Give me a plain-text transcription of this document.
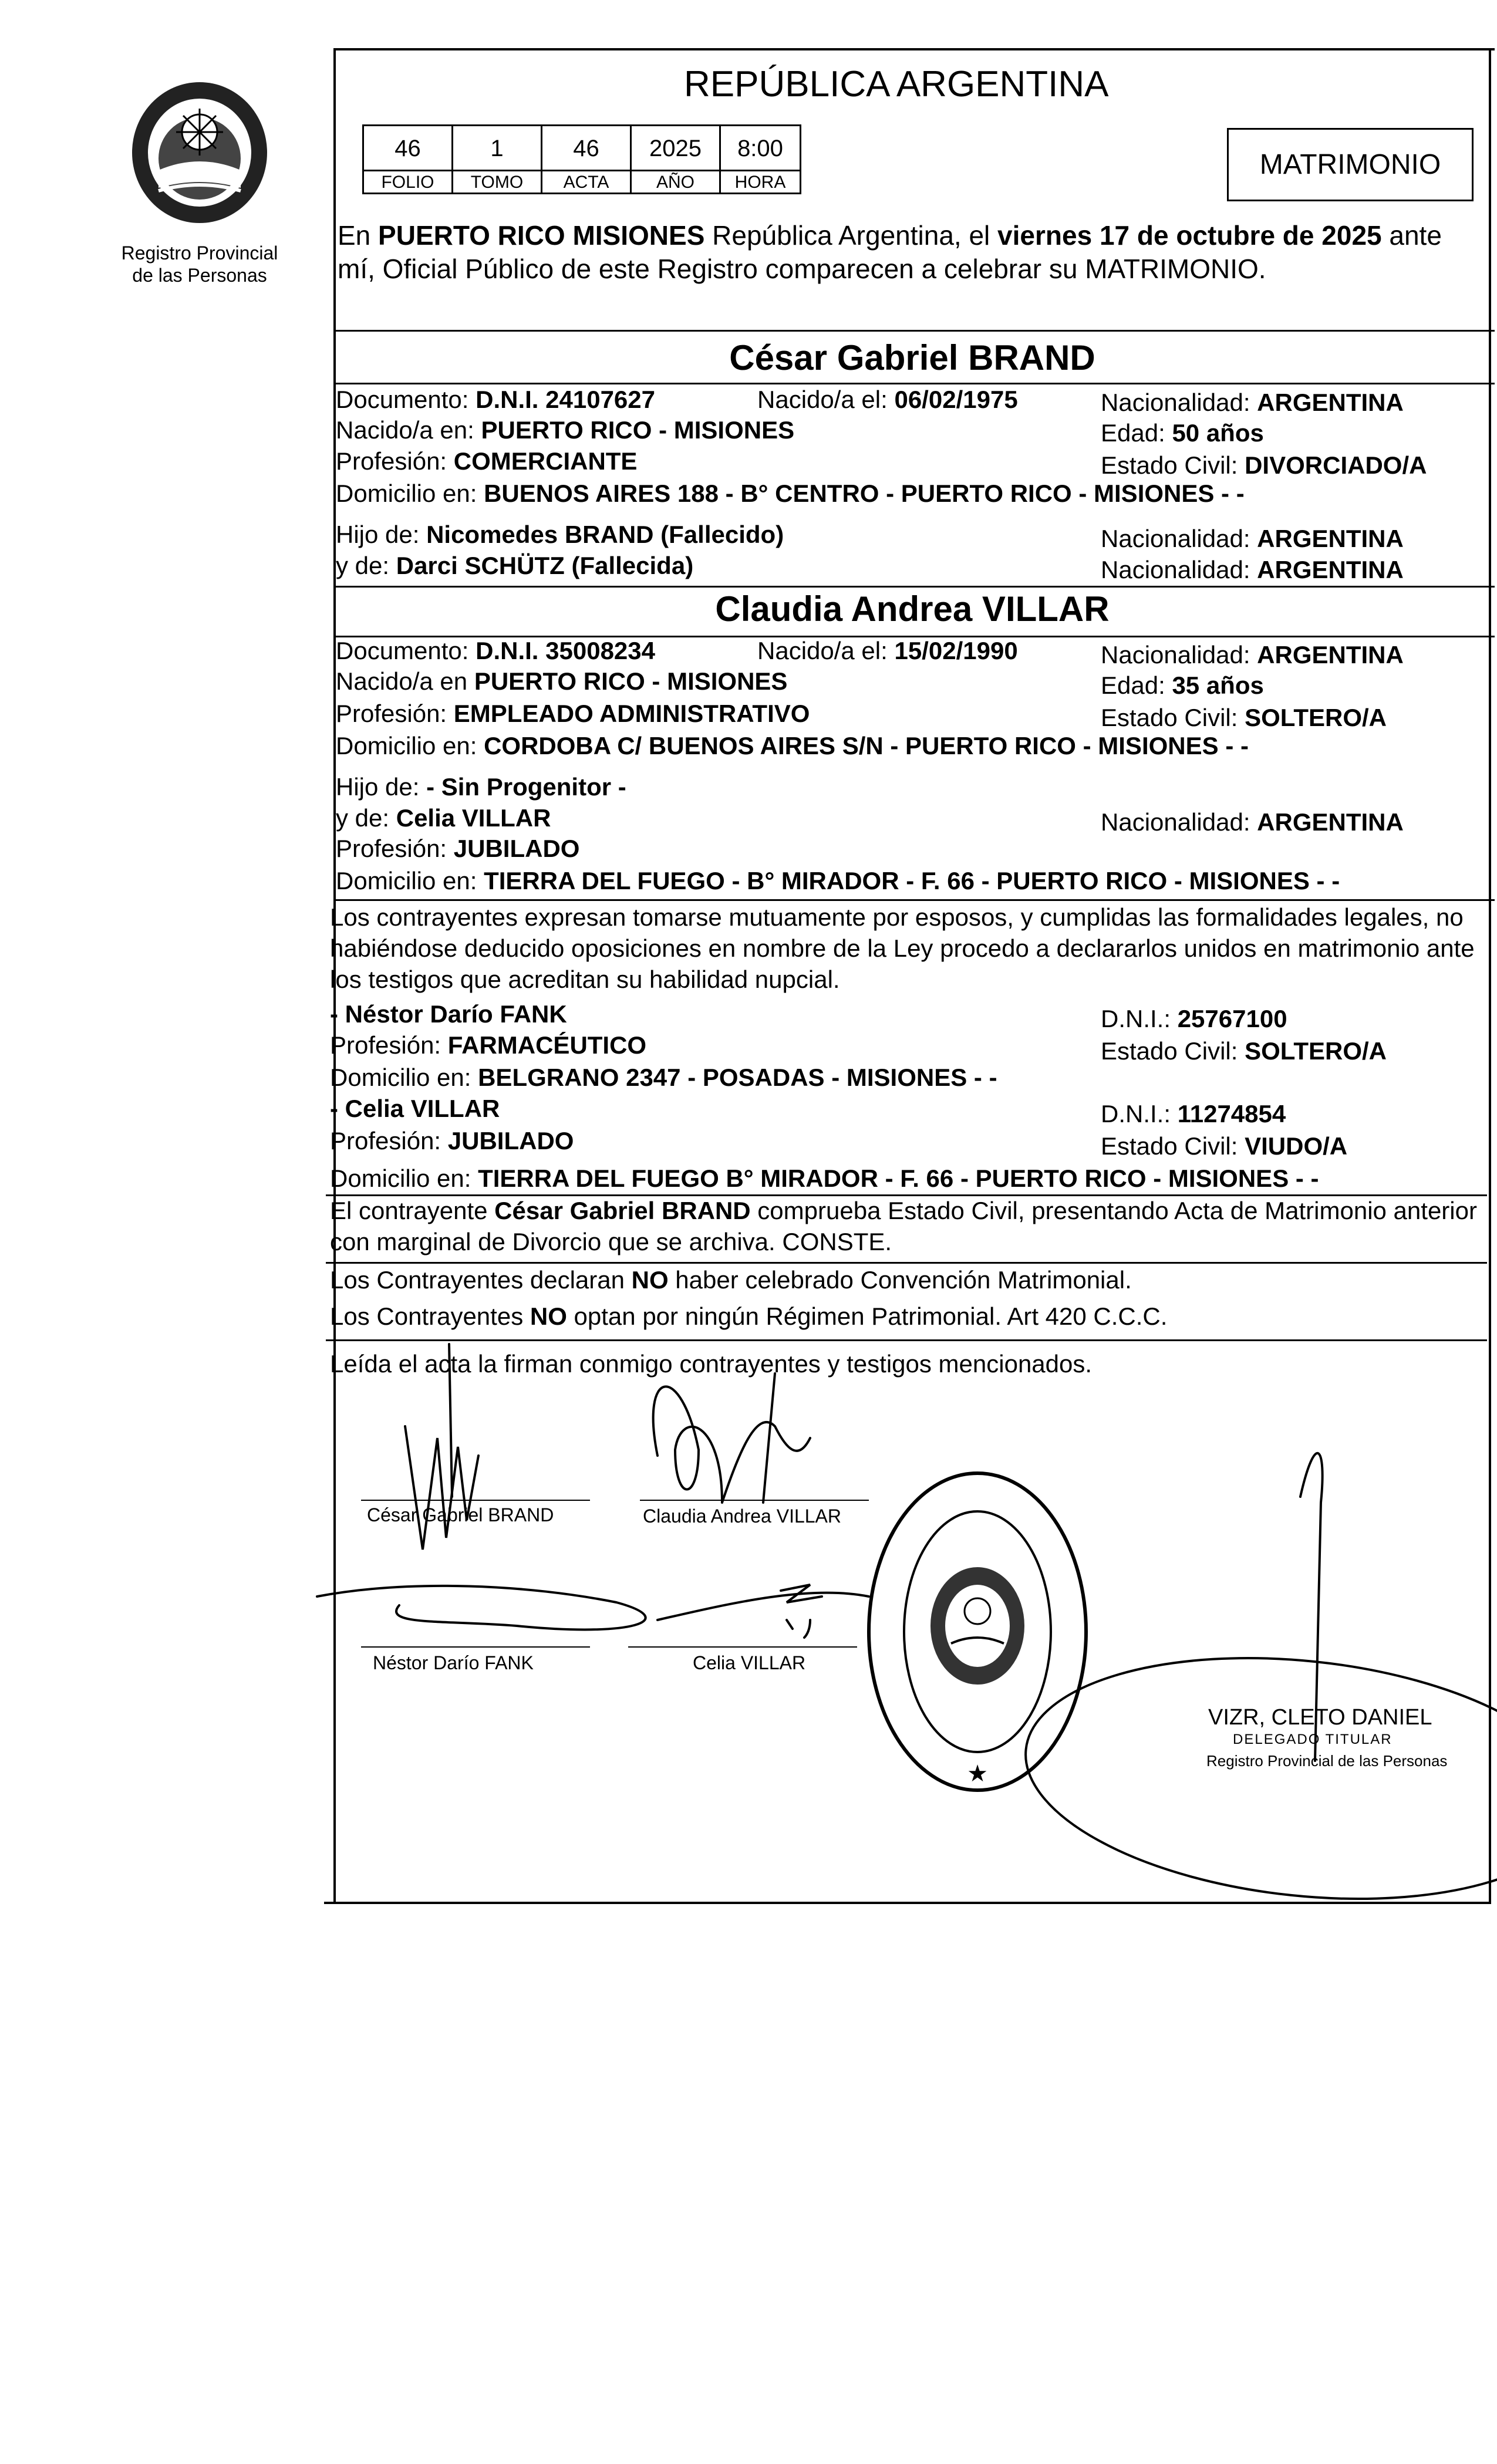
Registro Provincial
de las Personas
REPÚBLICA ARGENTINA
46	1	46	2025	8:00
FOLIO	TOMO	ACTA	AÑO	HORA
MATRIMONIO
En PUERTO RICO MISIONES República Argentina, el viernes 17 de octubre de 2025 ante
mí, Oficial Público de este Registro comparecen a celebrar su MATRIMONIO.
César Gabriel BRAND
Documento: D.N.I. 24107627	Nacido/a el: 06/02/1975	Nacionalidad: ARGENTINA
Nacido/a en: PUERTO RICO - MISIONES	Edad: 50 años
Profesión: COMERCIANTE	Estado Civil: DIVORCIADO/A
Domicilio en: BUENOS AIRES 188 - B° CENTRO - PUERTO RICO - MISIONES - -
Hijo de: Nicomedes BRAND (Fallecido)	Nacionalidad: ARGENTINA
y de: Darci SCHÜTZ (Fallecida)	Nacionalidad: ARGENTINA
Claudia Andrea VILLAR
Documento: D.N.I. 35008234	Nacido/a el: 15/02/1990	Nacionalidad: ARGENTINA
Nacido/a en PUERTO RICO - MISIONES	Edad: 35 años
Profesión: EMPLEADO ADMINISTRATIVO	Estado Civil: SOLTERO/A
Domicilio en: CORDOBA C/ BUENOS AIRES S/N - PUERTO RICO - MISIONES - -
Hijo de: - Sin Progenitor -
y de: Celia VILLAR	Nacionalidad: ARGENTINA
Profesión: JUBILADO
Domicilio en: TIERRA DEL FUEGO - B° MIRADOR - F. 66 - PUERTO RICO - MISIONES - -
Los contrayentes expresan tomarse mutuamente por esposos, y cumplidas las formalidades legales, no
habiéndose deducido oposiciones en nombre de la Ley procedo a declararlos unidos en matrimonio ante
los testigos que acreditan su habilidad nupcial.
- Néstor Darío FANK	D.N.I.: 25767100
Profesión: FARMACÉUTICO	Estado Civil: SOLTERO/A
Domicilio en: BELGRANO 2347 - POSADAS - MISIONES - -
- Celia VILLAR	D.N.I.: 11274854
Profesión: JUBILADO	Estado Civil: VIUDO/A
Domicilio en: TIERRA DEL FUEGO B° MIRADOR - F. 66 - PUERTO RICO - MISIONES - -
El contrayente César Gabriel BRAND comprueba Estado Civil, presentando Acta de Matrimonio anterior
con marginal de Divorcio que se archiva. CONSTE.
Los Contrayentes declaran NO haber celebrado Convención Matrimonial.
Los Contrayentes NO optan por ningún Régimen Patrimonial. Art 420 C.C.C.
Leída el acta la firman conmigo contrayentes y testigos mencionados.
César Gabriel BRAND	Claudia Andrea VILLAR
Néstor Darío FANK	Celia VILLAR
★
VIZR, CLETO DANIEL
DELEGADO TITULAR
Registro Provincial de las Personas
